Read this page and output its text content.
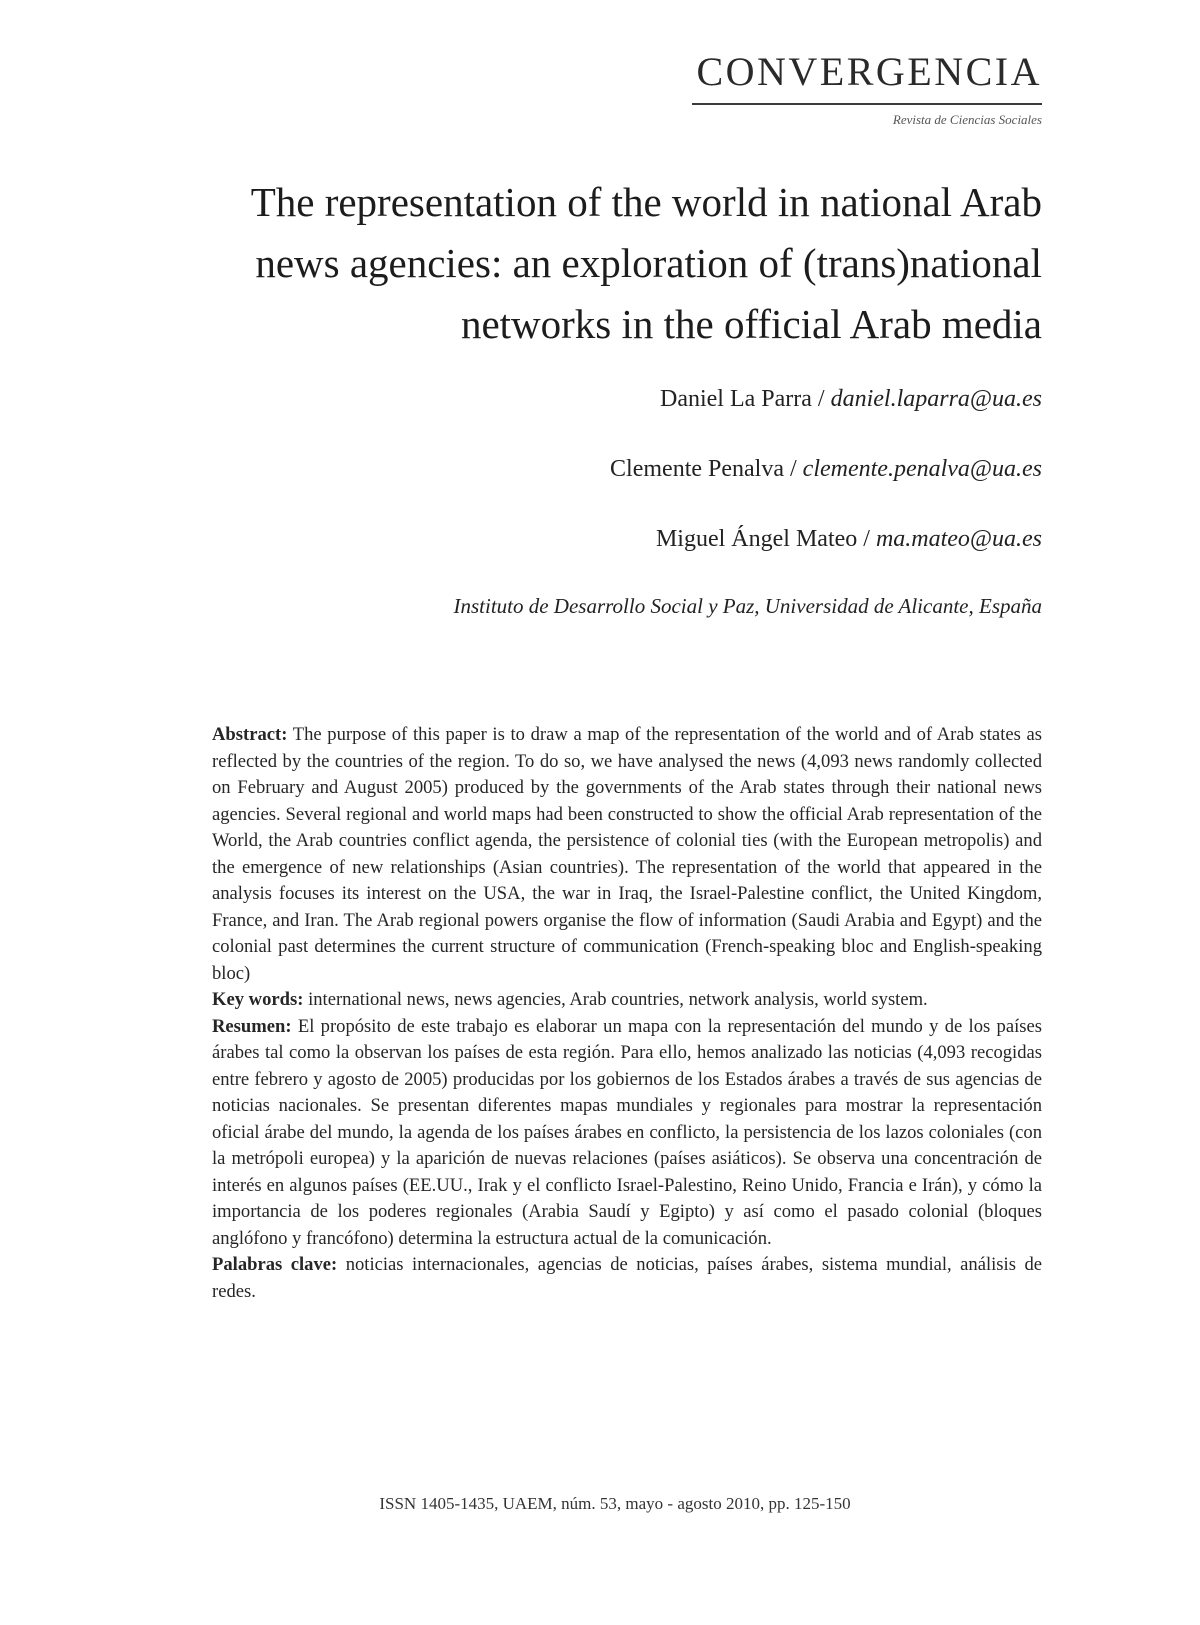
CONVERGENCIA
Revista de Ciencias Sociales
The representation of the world in national Arab news agencies: an exploration of (trans)national networks in the official Arab media
Daniel La Parra / daniel.laparra@ua.es
Clemente Penalva / clemente.penalva@ua.es
Miguel Ángel Mateo / ma.mateo@ua.es
Instituto de Desarrollo Social y Paz, Universidad de Alicante, España

Abstract: The purpose of this paper is to draw a map of the representation of the world and of Arab states as reflected by the countries of the region. To do so, we have analysed the news (4,093 news randomly collected on February and August 2005) produced by the governments of the Arab states through their national news agencies. Several regional and world maps had been constructed to show the official Arab representation of the World, the Arab countries conflict agenda, the persistence of colonial ties (with the European metropolis) and the emergence of new relationships (Asian countries). The representation of the world that appeared in the analysis focuses its interest on the USA, the war in Iraq, the Israel-Palestine conflict, the United Kingdom, France, and Iran. The Arab regional powers organise the flow of information (Saudi Arabia and Egypt) and the colonial past determines the current structure of communication (French-speaking bloc and English-speaking bloc)

Key words: international news, news agencies, Arab countries, network analysis, world system.

Resumen: El propósito de este trabajo es elaborar un mapa con la representación del mundo y de los países árabes tal como la observan los países de esta región. Para ello, hemos analizado las noticias (4,093 recogidas entre febrero y agosto de 2005) producidas por los gobiernos de los Estados árabes a través de sus agencias de noticias nacionales. Se presentan diferentes mapas mundiales y regionales para mostrar la representación oficial árabe del mundo, la agenda de los países árabes en conflicto, la persistencia de los lazos coloniales (con la metrópoli europea) y la aparición de nuevas relaciones (países asiáticos). Se observa una concentración de interés en algunos países (EE.UU., Irak y el conflicto Israel-Palestino, Reino Unido, Francia e Irán), y cómo la importancia de los poderes regionales (Arabia Saudí y Egipto) y así como el pasado colonial (bloques anglófono y francófono) determina la estructura actual de la comunicación.

Palabras clave: noticias internacionales, agencias de noticias, países árabes, sistema mundial, análisis de redes.

ISSN 1405-1435, UAEM, núm. 53, mayo - agosto 2010, pp. 125-150
